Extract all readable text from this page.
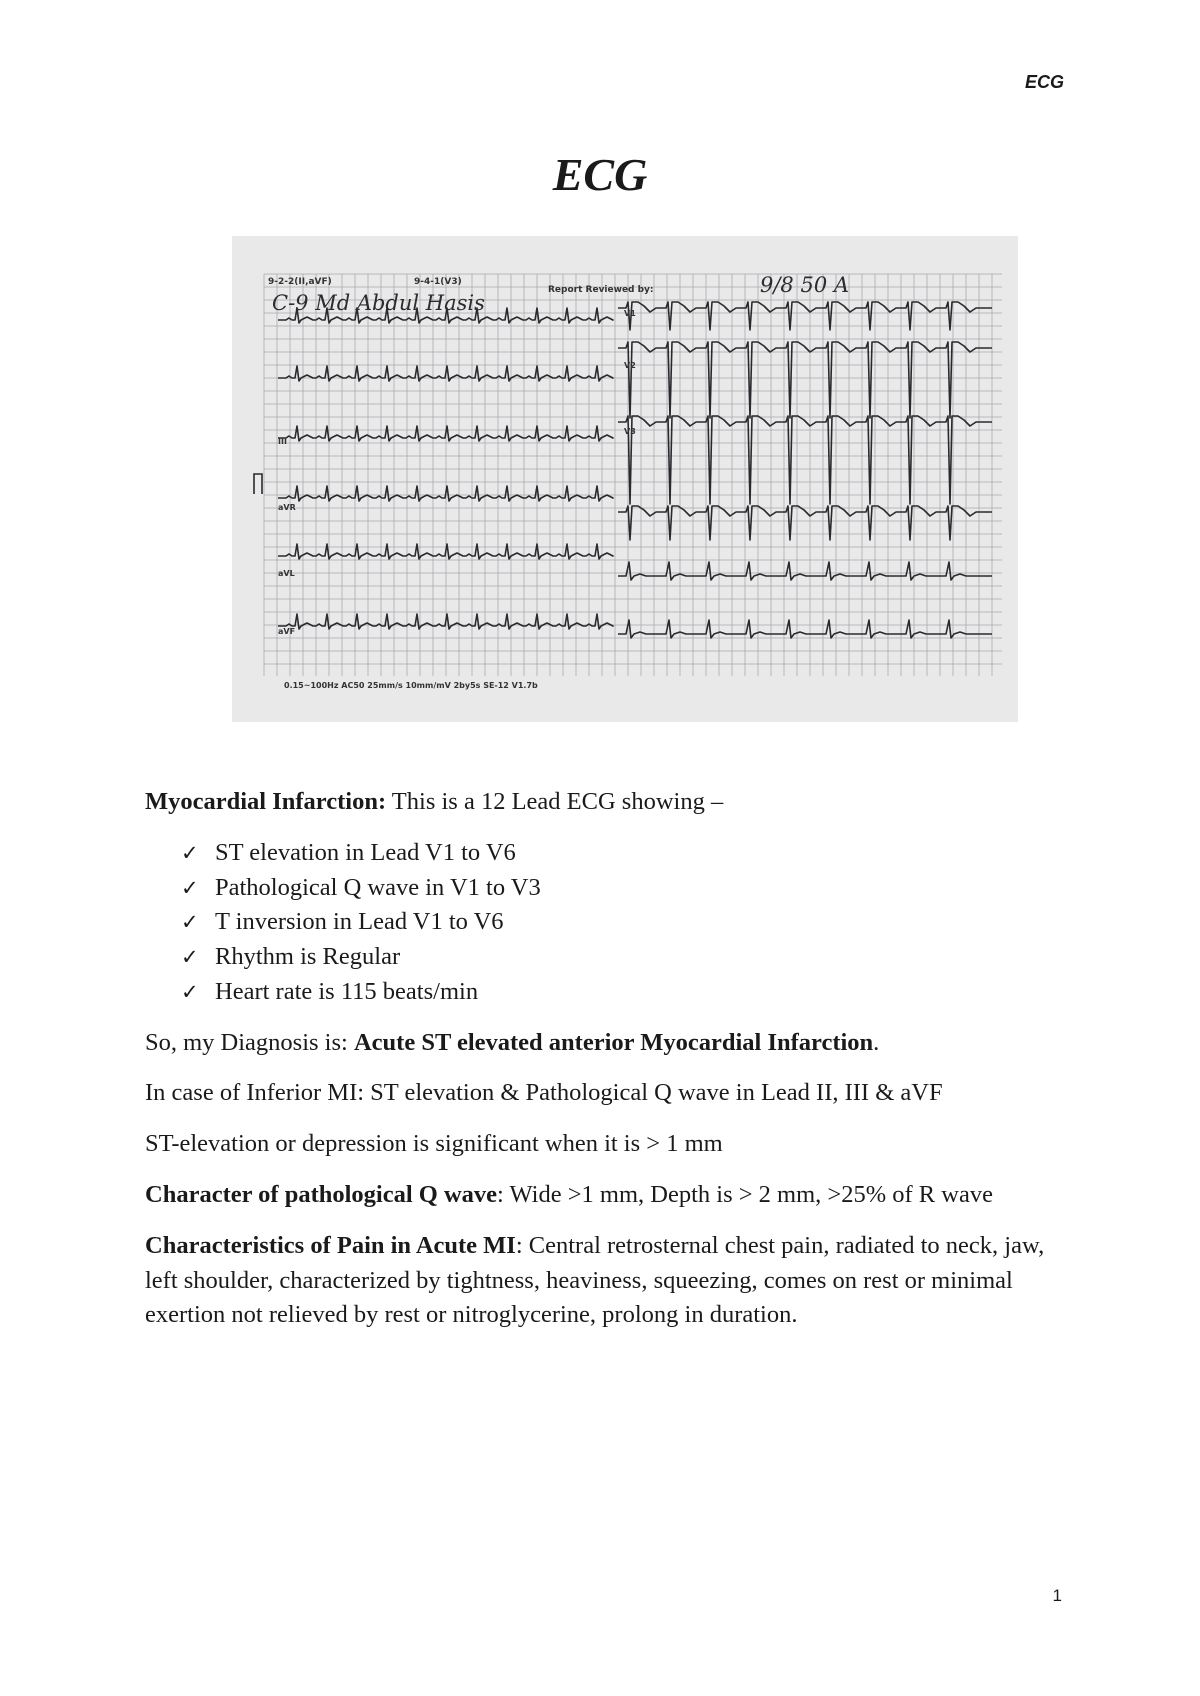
ECG
ECG
9-2-2(II,aVF)	9-4-1(V3)
Report Reviewed by:
C-9 Md Abdul Hasis
9/8 50 A
III
aVR
aVL
aVF
V1
V2
V3
0.15~100Hz AC50 25mm/s 10mm/mV 2by5s SE-12 V1.7b

Myocardial Infarction: This is a 12 Lead ECG showing –

✓ ST elevation in Lead V1 to V6
✓ Pathological Q wave in V1 to V3
✓ T inversion in Lead V1 to V6
✓ Rhythm is Regular
✓ Heart rate is 115 beats/min

So, my Diagnosis is: Acute ST elevated anterior Myocardial Infarction.

In case of Inferior MI: ST elevation & Pathological Q wave in Lead II, III & aVF

ST-elevation or depression is significant when it is > 1 mm

Character of pathological Q wave: Wide >1 mm, Depth is > 2 mm, >25% of R wave

Characteristics of Pain in Acute MI: Central retrosternal chest pain, radiated to neck, jaw, left shoulder, characterized by tightness, heaviness, squeezing, comes on rest or minimal exertion not relieved by rest or nitroglycerine, prolong in duration.

1
